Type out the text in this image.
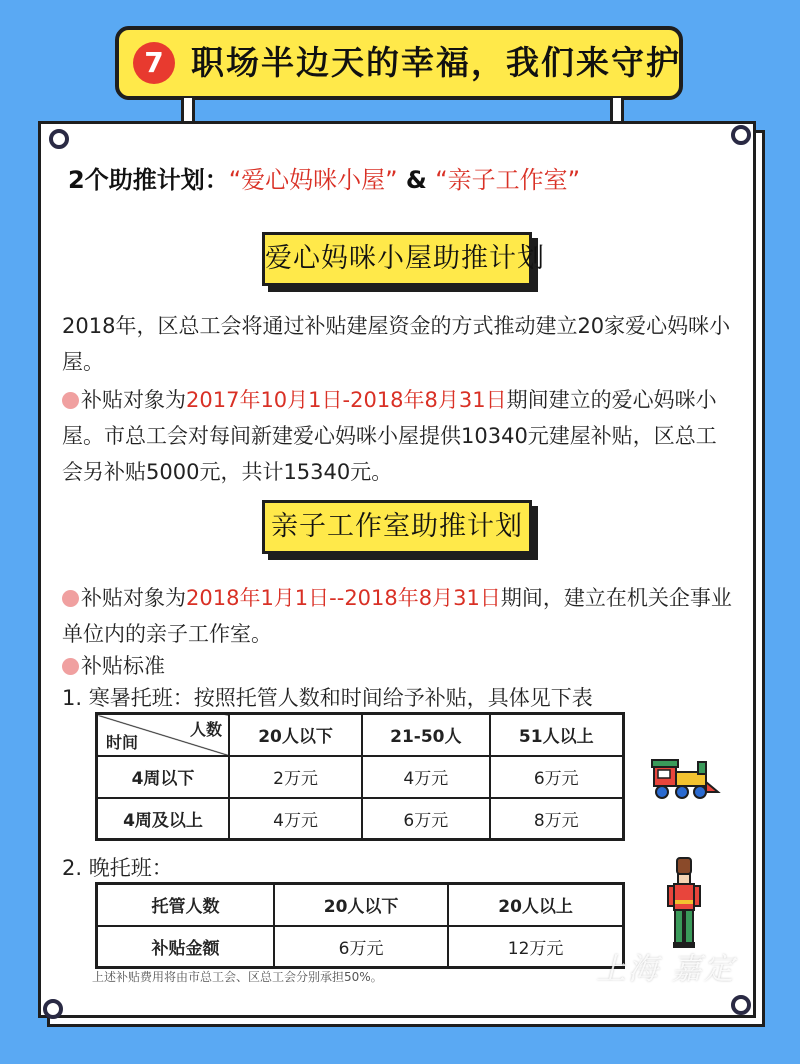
7 职场半边天的幸福，我们来守护
2个助推计划：“爱心妈咪小屋” & “亲子工作室”
爱心妈咪小屋助推计划
2018年，区总工会将通过补贴建屋资金的方式推动建立20家爱心妈咪小屋。
补贴对象为2017年10月1日-2018年8月31日期间建立的爱心妈咪小屋。市总工会对每间新建爱心妈咪小屋提供10340元建屋补贴，区总工会另补贴5000元，共计15340元。
亲子工作室助推计划
补贴对象为2018年1月1日--2018年8月31日期间，建立在机关企事业单位内的亲子工作室。
补贴标准
1. 寒暑托班：按照托管人数和时间给予补贴，具体见下表
人数
时间	20人以下	21-50人	51人以上
4周以下	2万元	4万元	6万元
4周及以上	4万元	6万元	8万元
2. 晚托班：
托管人数	20人以下	20人以上
补贴金额	6万元	12万元
上述补贴费用将由市总工会、区总工会分别承担50%。	上海 嘉定
